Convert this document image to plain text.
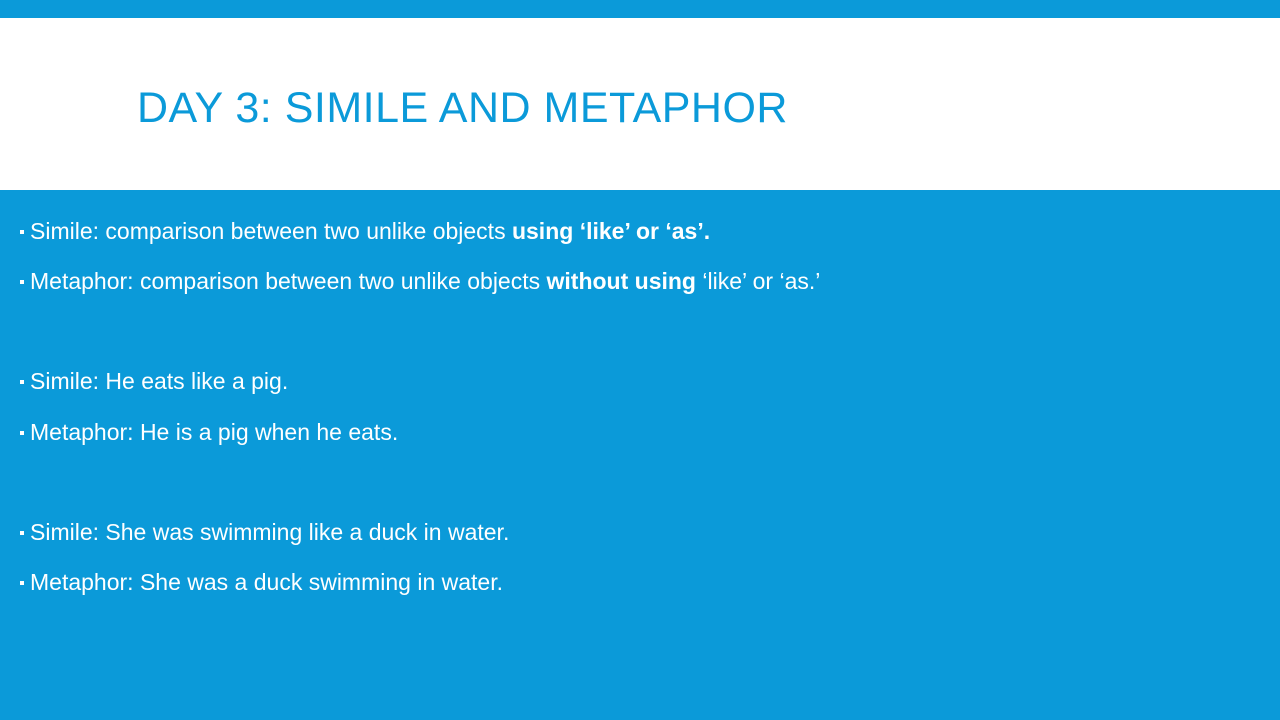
DAY 3: SIMILE AND METAPHOR
Simile: comparison between two unlike objects using ‘like’ or ‘as’.
Metaphor: comparison between two unlike objects without using ‘like’ or ‘as.’
Simile: He eats like a pig.
Metaphor: He is a pig when he eats.
Simile: She was swimming like a duck in water.
Metaphor: She was a duck swimming in water.
